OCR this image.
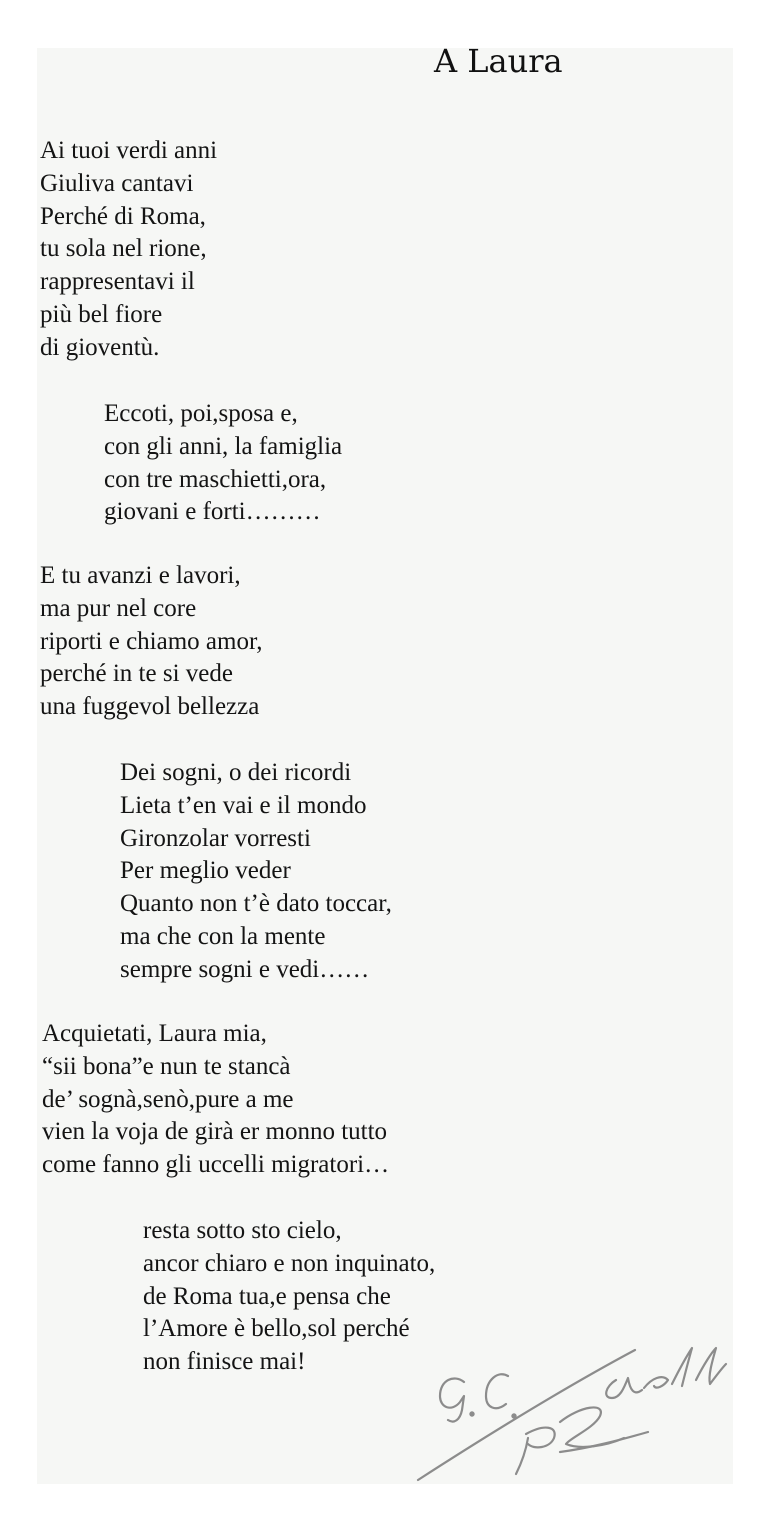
A Laura
Ai tuoi verdi anni
Giuliva cantavi
Perché di Roma,
tu sola nel rione,
rappresentavi il
più bel fiore
di gioventù.
Eccoti, poi,sposa e,
con gli anni, la famiglia
con tre maschietti,ora,
giovani e forti………
E tu avanzi e lavori,
ma pur nel core
riporti e chiamo amor,
perché in te si vede
una fuggevol bellezza
Dei sogni, o dei ricordi
Lieta t’en vai e il mondo
Gironzolar vorresti
Per meglio veder
Quanto non t’è dato toccar,
ma che con la mente
sempre sogni e vedi……
Acquietati, Laura mia,
“sii bona”e nun te stancà
de’ sognà,senò,pure a me
vien la voja de girà er monno tutto
come fanno gli uccelli migratori…
resta sotto sto cielo,
ancor chiaro e non inquinato,
de Roma tua,e pensa che
l’Amore è bello,sol perché
non finisce mai!
